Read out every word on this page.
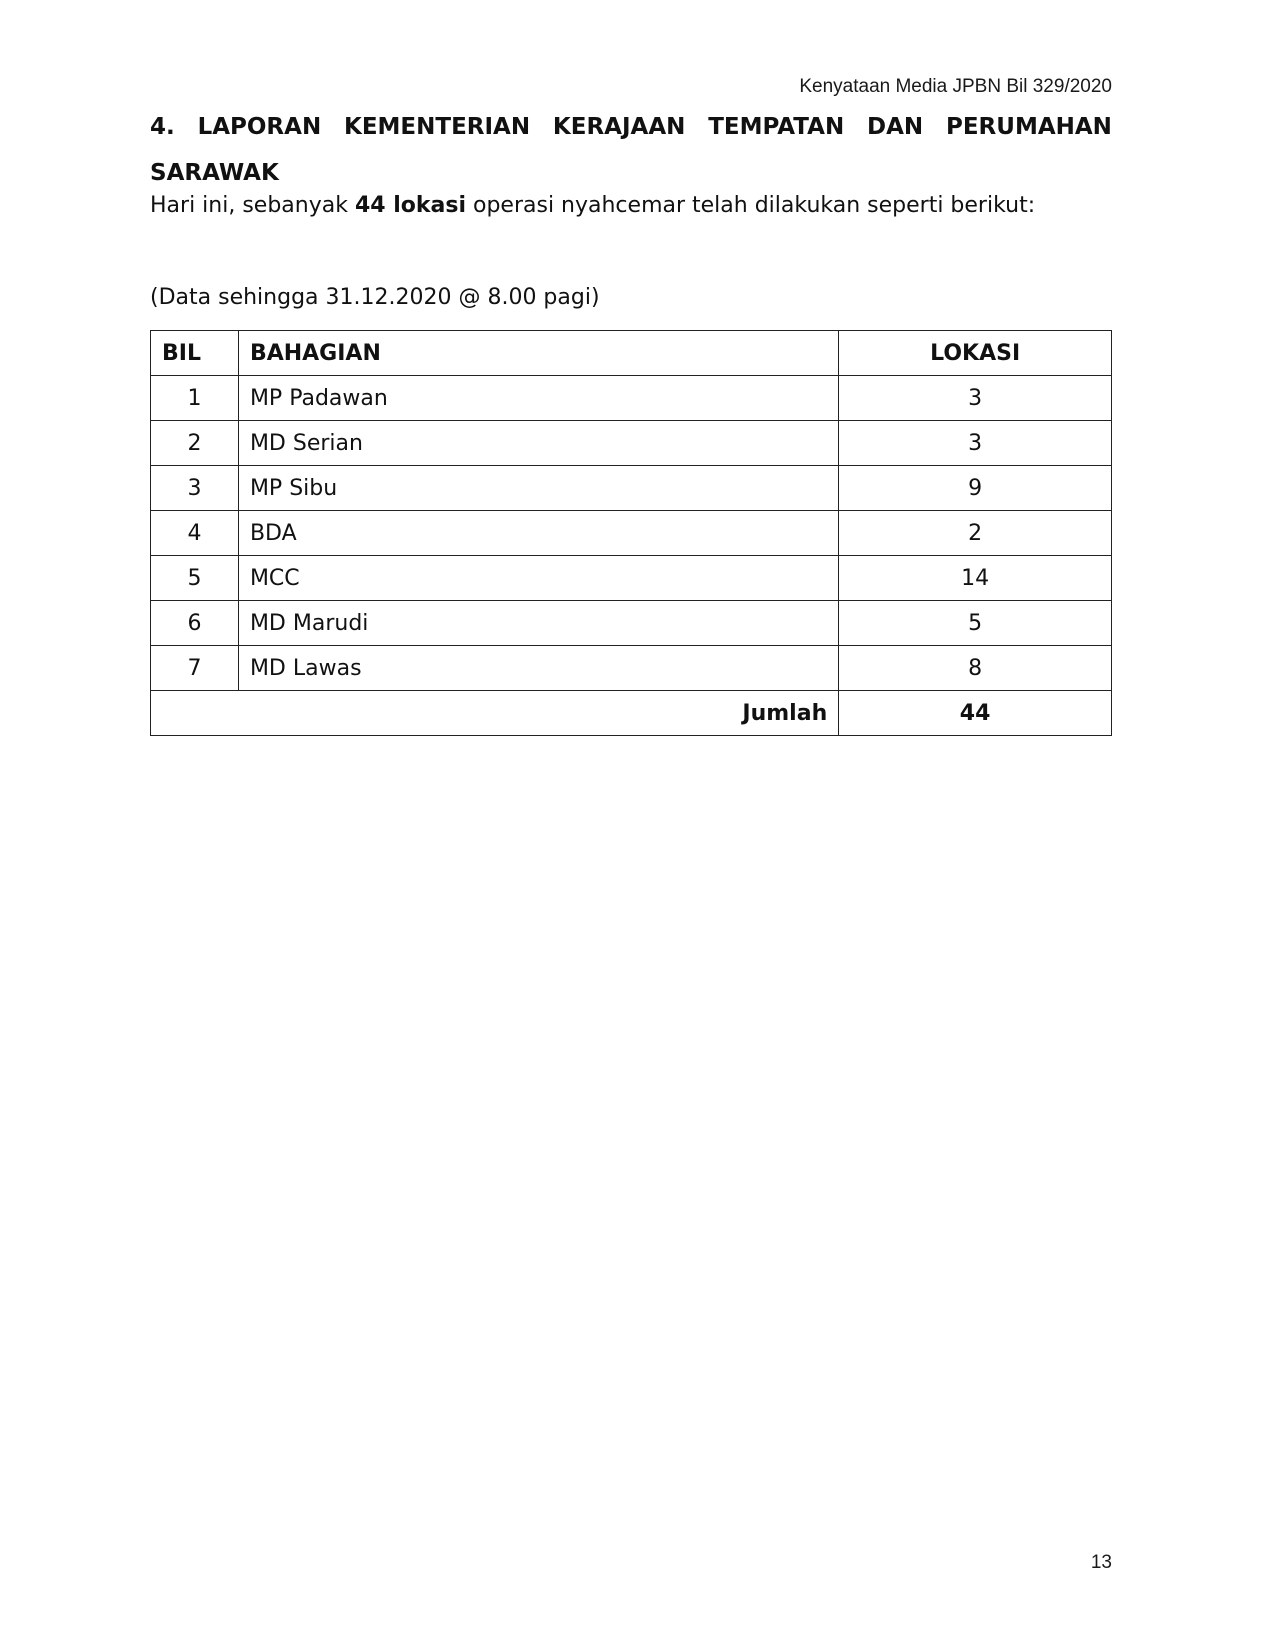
Kenyataan Media JPBN Bil 329/2020
4. LAPORAN KEMENTERIAN KERAJAAN TEMPATAN DAN PERUMAHAN
SARAWAK
Hari ini, sebanyak 44 lokasi operasi nyahcemar telah dilakukan seperti berikut:
(Data sehingga 31.12.2020 @ 8.00 pagi)
BIL	BAHAGIAN	LOKASI
1	MP Padawan	3
2	MD Serian	3
3	MP Sibu	9
4	BDA	2
5	MCC	14
6	MD Marudi	5
7	MD Lawas	8
Jumlah		44
13
